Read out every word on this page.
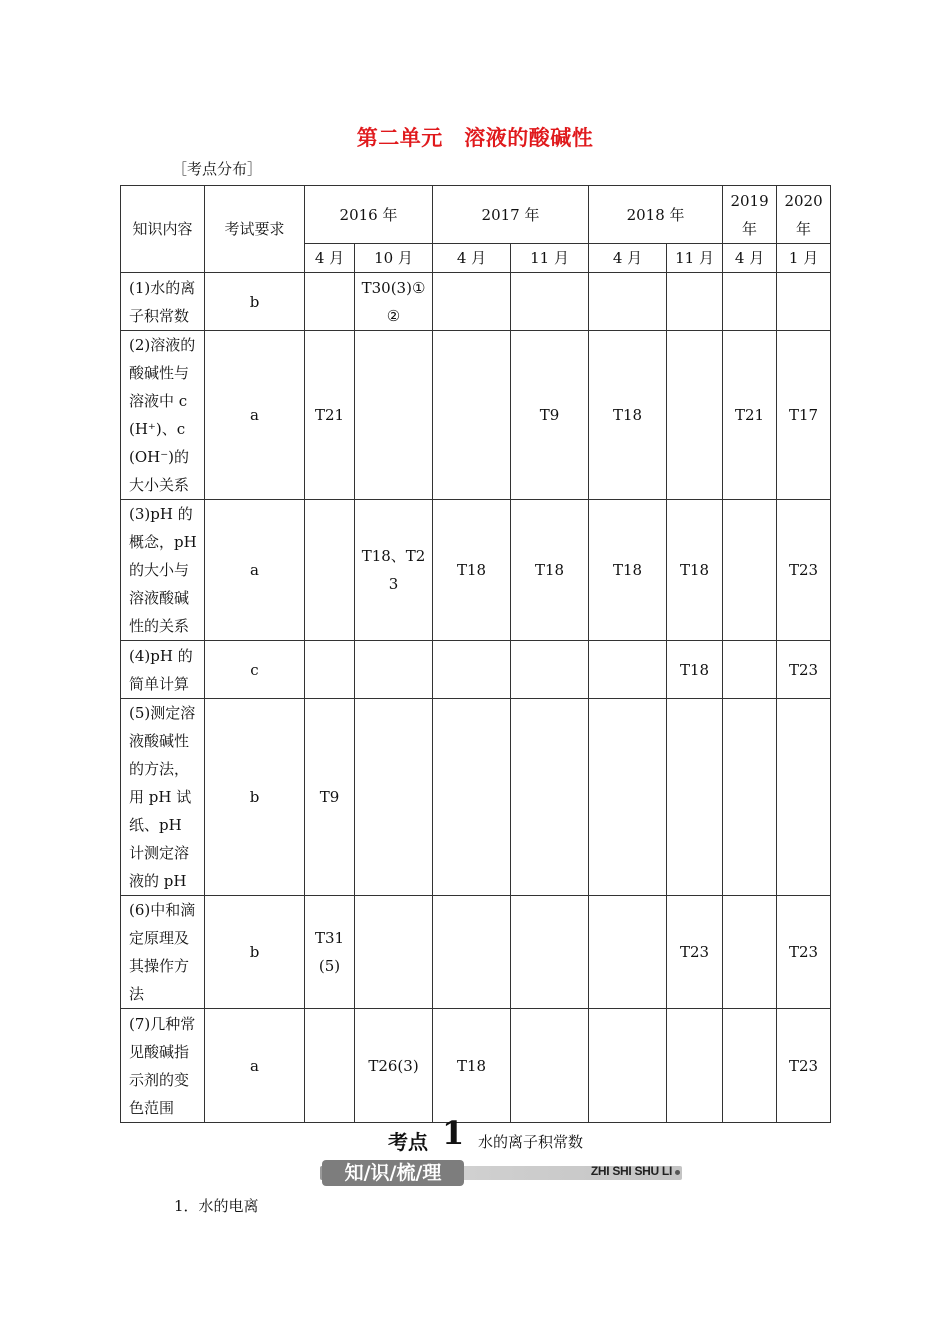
第二单元　溶液的酸碱性
［考点分布］
知识内容	考试要求	2016 年		2017 年		2018 年		2019 年	2020 年
		4 月	10 月	4 月	11 月	4 月	11 月	4 月	1 月
(1)水的离子积常数	b		T30(3)①②						
(2)溶液的酸碱性与溶液中 c(H⁺)、c(OH⁻)的大小关系	a	T21			T9	T18		T21	T17
(3)pH 的概念，pH 的大小与溶液酸碱性的关系	a		T18、T23	T18	T18	T18	T18		T23
(4)pH 的简单计算	c						T18		T23
(5)测定溶液酸碱性的方法，用 pH 试纸、pH 计测定溶液的 pH	b	T9							
(6)中和滴定原理及其操作方法	b	T31(5)					T23		T23
(7)几种常见酸碱指示剂的变色范围	a		T26(3)	T18					T23
考点 1 水的离子积常数
知/识/梳/理	ZHI SHI SHU LI
1．水的电离
